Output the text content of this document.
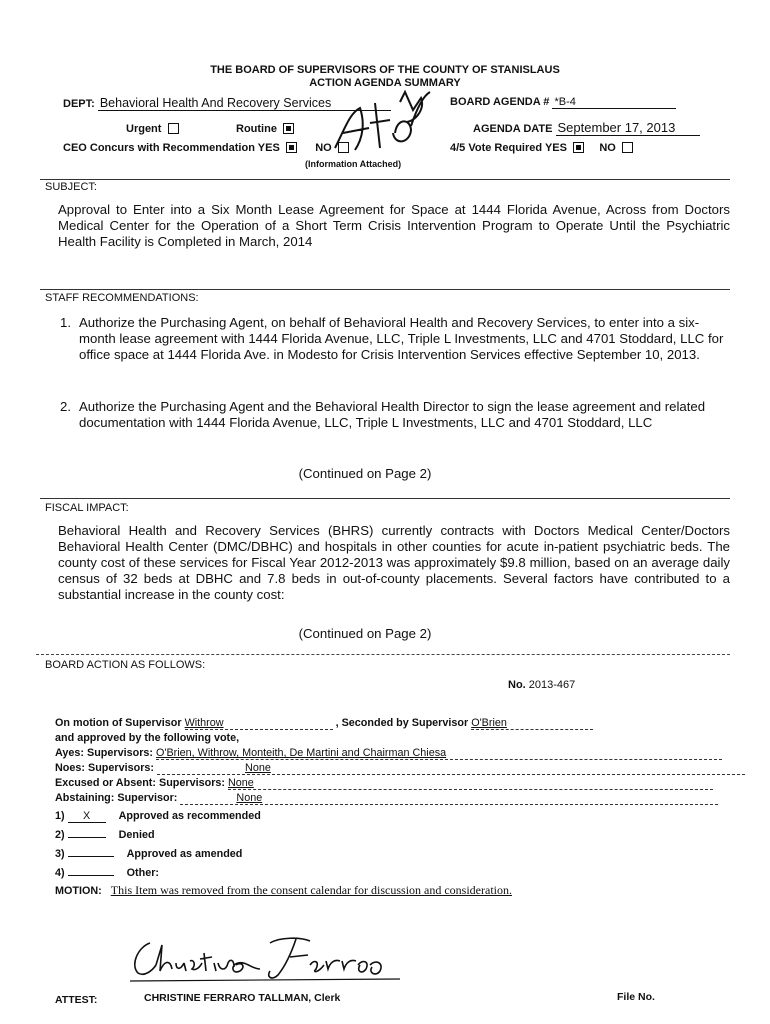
THE BOARD OF SUPERVISORS OF THE COUNTY OF STANISLAUS
ACTION AGENDA SUMMARY
DEPT: Behavioral Health And Recovery Services	BOARD AGENDA # *B-4
Urgent	Routine	AGENDA DATE September 17, 2013
CEO Concurs with Recommendation YES	NO
(Information Attached)
4/5 Vote Required YES	NO
SUBJECT:
Approval to Enter into a Six Month Lease Agreement for Space at 1444 Florida Avenue, Across from Doctors Medical Center for the Operation of a Short Term Crisis Intervention Program to Operate Until the Psychiatric Health Facility is Completed in March, 2014
STAFF RECOMMENDATIONS:
1. Authorize the Purchasing Agent, on behalf of Behavioral Health and Recovery Services, to enter into a six-month lease agreement with 1444 Florida Avenue, LLC, Triple L Investments, LLC and 4701 Stoddard, LLC for office space at 1444 Florida Ave. in Modesto for Crisis Intervention Services effective September 10, 2013.
2. Authorize the Purchasing Agent and the Behavioral Health Director to sign the lease agreement and related documentation with 1444 Florida Avenue, LLC, Triple L Investments, LLC and 4701 Stoddard, LLC
(Continued on Page 2)
FISCAL IMPACT:
Behavioral Health and Recovery Services (BHRS) currently contracts with Doctors Medical Center/Doctors Behavioral Health Center (DMC/DBHC) and hospitals in other counties for acute in-patient psychiatric beds. The county cost of these services for Fiscal Year 2012-2013 was approximately $9.8 million, based on an average daily census of 32 beds at DBHC and 7.8 beds in out-of-county placements. Several factors have contributed to a substantial increase in the county cost:
(Continued on Page 2)
BOARD ACTION AS FOLLOWS:
No. 2013-467
On motion of Supervisor Withrow	, Seconded by Supervisor O'Brien
and approved by the following vote,
Ayes: Supervisors: O'Brien, Withrow, Monteith, De Martini and Chairman Chiesa
Noes: Supervisors:	None
Excused or Absent: Supervisors: None
Abstaining: Supervisor:	None
1) X	Approved as recommended
2)	Denied
3)	Approved as amended
4)	Other:
MOTION: This Item was removed from the consent calendar for discussion and consideration.
ATTEST:	CHRISTINE FERRARO TALLMAN, Clerk	File No.
